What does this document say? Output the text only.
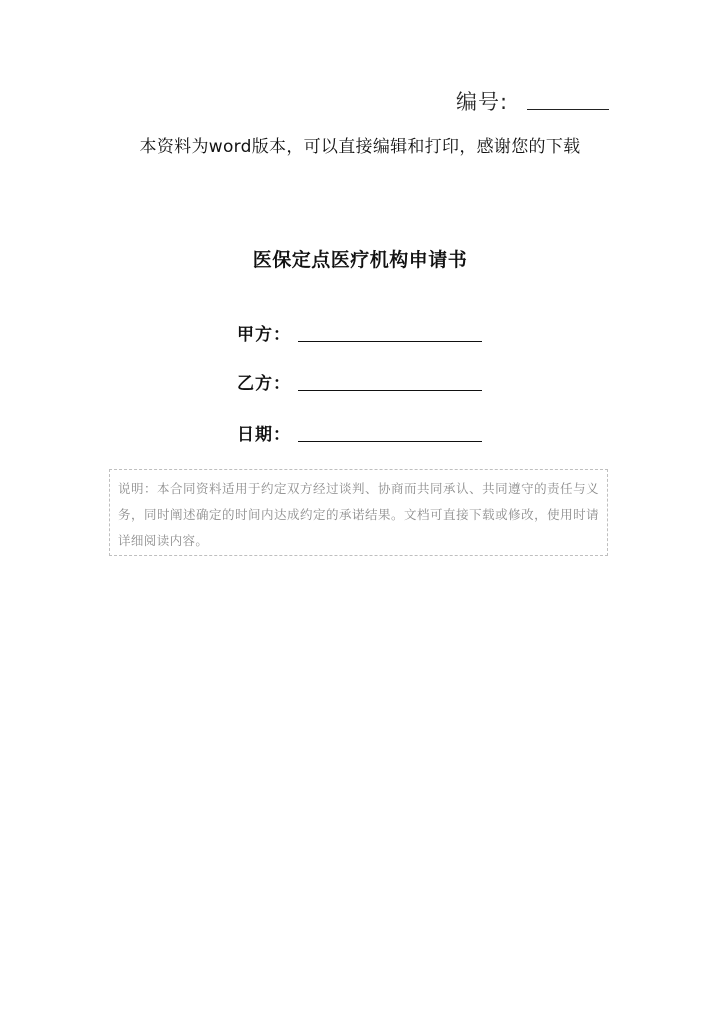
编号:
本资料为word版本，可以直接编辑和打印，感谢您的下载
医保定点医疗机构申请书
甲方：
乙方：
日期：
说明：本合同资料适用于约定双方经过谈判、协商而共同承认、共同遵守的责任与义务，同时阐述确定的时间内达成约定的承诺结果。文档可直接下载或修改，使用时请详细阅读内容。
